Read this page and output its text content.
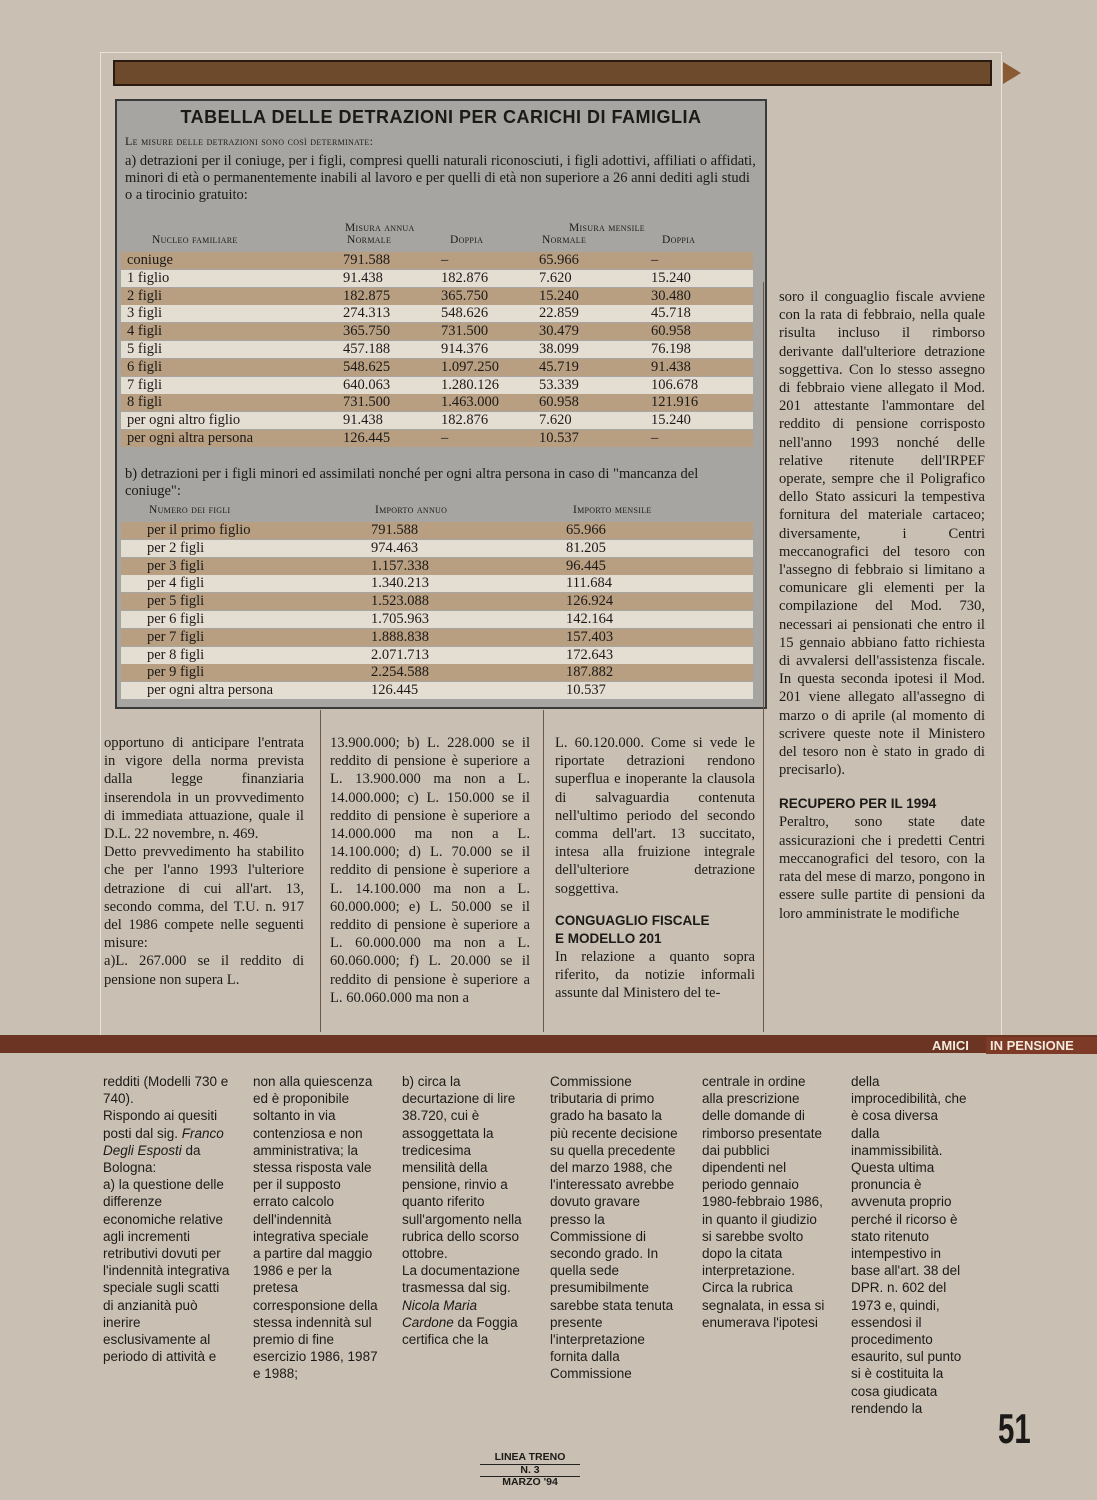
TABELLA DELLE DETRAZIONI PER CARICHI DI FAMIGLIA
Le misure delle detrazioni sono così determinate:
a) detrazioni per il coniuge, per i figli, compresi quelli naturali riconosciuti, i figli adottivi, affiliati o affidati, minori di età o permanentemente inabili al lavoro e per quelli di età non superiore a 26 anni dediti agli studi o a tirocinio gratuito:
Misura annua	Misura mensile
Nucleo familiare	Normale	Doppia	Normale	Doppia
coniuge	791.588	–	65.966	–
1 figlio	91.438	182.876	7.620	15.240
2 figli	182.875	365.750	15.240	30.480
3 figli	274.313	548.626	22.859	45.718
4 figli	365.750	731.500	30.479	60.958
5 figli	457.188	914.376	38.099	76.198
6 figli	548.625	1.097.250	45.719	91.438
7 figli	640.063	1.280.126	53.339	106.678
8 figli	731.500	1.463.000	60.958	121.916
per ogni altro figlio	91.438	182.876	7.620	15.240
per ogni altra persona	126.445	–	10.537	–
b) detrazioni per i figli minori ed assimilati nonché per ogni altra persona in caso di "mancanza del coniuge":
Numero dei figli	Importo annuo	Importo mensile
per il primo figlio	791.588	65.966
per 2 figli	974.463	81.205
per 3 figli	1.157.338	96.445
per 4 figli	1.340.213	111.684
per 5 figli	1.523.088	126.924
per 6 figli	1.705.963	142.164
per 7 figli	1.888.838	157.403
per 8 figli	2.071.713	172.643
per 9 figli	2.254.588	187.882
per ogni altra persona	126.445	10.537

opportuno di anticipare l'entrata in vigore della norma prevista dalla legge finanziaria inserendola in un provvedimento di immediata attuazione, quale il D.L. 22 novembre, n. 469.

Detto prevvedimento ha stabilito che per l'anno 1993 l'ulteriore detrazione di cui all'art. 13, secondo comma, del T.U. n. 917 del 1986 compete nelle seguenti misure:

a)L. 267.000 se il reddito di pensione non supera L.

13.900.000; b) L. 228.000 se il reddito di pensione è superiore a L. 13.900.000 ma non a L. 14.000.000; c) L. 150.000 se il reddito di pensione è superiore a 14.000.000 ma non a L. 14.100.000; d) L. 70.000 se il reddito di pensione è superiore a L. 14.100.000 ma non a L. 60.000.000; e) L. 50.000 se il reddito di pensione è superiore a L. 60.000.000 ma non a L. 60.060.000; f) L. 20.000 se il reddito di pensione è superiore a L. 60.060.000 ma non a

L. 60.120.000. Come si vede le riportate detrazioni rendono superflua e inoperante la clausola di salvaguardia contenuta nell'ultimo periodo del secondo comma dell'art. 13 succitato, intesa alla fruizione integrale dell'ulteriore detrazione soggettiva.

CONGUAGLIO FISCALE

E MODELLO 201

In relazione a quanto sopra riferito, da notizie informali assunte dal Ministero del te-

soro il conguaglio fiscale avviene con la rata di febbraio, nella quale risulta incluso il rimborso derivante dall'ulteriore detrazione soggettiva. Con lo stesso assegno di febbraio viene allegato il Mod. 201 attestante l'ammontare del reddito di pensione corrisposto nell'anno 1993 nonché delle relative ritenute dell'IRPEF operate, sempre che il Poligrafico dello Stato assicuri la tempestiva fornitura del materiale cartaceo; diversamente, i Centri meccanografici del tesoro con l'assegno di febbraio si limitano a comunicare gli elementi per la compilazione del Mod. 730, necessari ai pensionati che entro il 15 gennaio abbiano fatto richiesta di avvalersi dell'assistenza fiscale. In questa seconda ipotesi il Mod. 201 viene allegato all'assegno di marzo o di aprile (al momento di scrivere queste note il Ministero del tesoro non è stato in grado di precisarlo).

RECUPERO PER IL 1994

Peraltro, sono state date assicurazioni che i predetti Centri meccanografici del tesoro, con la rata del mese di marzo, pongono in essere sulle partite di pensioni da loro amministrate le modifiche

AMICI	IN PENSIONE

redditi (Modelli 730 e 740).

Rispondo ai quesiti posti dal sig. Franco Degli Esposti da Bologna:

a) la questione delle differenze economiche relative agli incrementi retributivi dovuti per l'indennità integrativa speciale sugli scatti di anzianità può inerire esclusivamente al periodo di attività e

non alla quiescenza ed è proponibile soltanto in via contenziosa e non amministrativa; la stessa risposta vale per il supposto errato calcolo dell'indennità integrativa speciale a partire dal maggio 1986 e per la pretesa corresponsione della stessa indennità sul premio di fine esercizio 1986, 1987 e 1988;

b) circa la decurtazione di lire 38.720, cui è assoggettata la tredicesima mensilità della pensione, rinvio a quanto riferito sull'argomento nella rubrica dello scorso ottobre.

La documentazione trasmessa dal sig. Nicola Maria Cardone da Foggia certifica che la

Commissione tributaria di primo grado ha basato la più recente decisione su quella precedente del marzo 1988, che l'interessato avrebbe dovuto gravare presso la Commissione di secondo grado. In quella sede presumibilmente sarebbe stata tenuta presente l'interpretazione fornita dalla Commissione

centrale in ordine alla prescrizione delle domande di rimborso presentate dai pubblici dipendenti nel periodo gennaio 1980-febbraio 1986, in quanto il giudizio si sarebbe svolto dopo la citata interpretazione.

Circa la rubrica segnalata, in essa si enumerava l'ipotesi

della improcedibilità, che è cosa diversa dalla inammissibilità. Questa ultima pronuncia è avvenuta proprio perché il ricorso è stato ritenuto intempestivo in base all'art. 38 del DPR. n. 602 del 1973 e, quindi, essendosi il procedimento esaurito, sul punto si è costituita la cosa giudicata rendendo la

LINEA TRENO
N. 3
MARZO '94
51
